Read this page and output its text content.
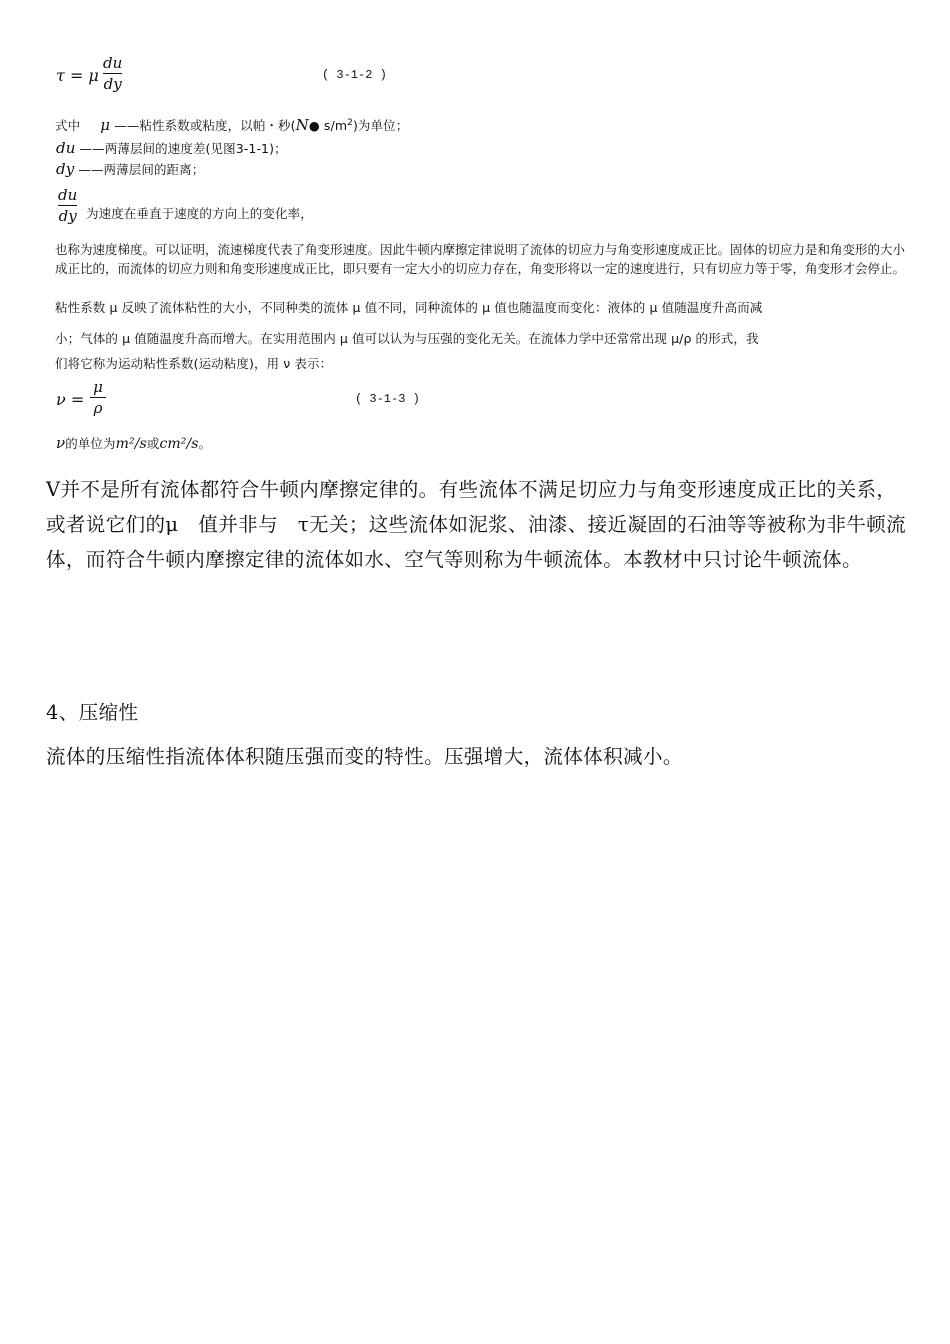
τ = μ
du
dy	( 3-1-2 )
式中 μ ——粘性系数或粘度，以帕・秒(N● $s/m^2$)为单位；
du ——两薄层间的速度差(见图3-1-1)；
dy ——两薄层间的距离；
du
dy 为速度在垂直于速度的方向上的变化率，
也称为速度梯度。可以证明，流速梯度代表了角变形速度。因此牛顿内摩擦定律说明了流体的切应力与角变形速度成正比。固体的切应力是和角变形的大小成正比的，而流体的切应力则和角变形速度成正比，即只要有一定大小的切应力存在，角变形将以一定的速度进行，只有切应力等于零，角变形才会停止。
粘性系数 μ 反映了流体粘性的大小，不同种类的流体 μ 值不同，同种流体的 μ 值也随温度而变化：液体的 μ 值随温度升高而减
小；气体的 μ 值随温度升高而增大。在实用范围内 μ 值可以认为与压强的变化无关。在流体力学中还常常出现 μ/ρ 的形式，我
们将它称为运动粘性系数(运动粘度)，用 ν 表示：
ν =
μ
ρ	( 3-1-3 )
ν的单位为m²/s或cm²/s。
V并不是所有流体都符合牛顿内摩擦定律的。有些流体不满足切应力与角变形速度成正比的关系，或者说它们的μ　值并非与　τ无关；这些流体如泥浆、油漆、接近凝固的石油等等被称为非牛顿流体，而符合牛顿内摩擦定律的流体如水、空气等则称为牛顿流体。本教材中只讨论牛顿流体。
4、压缩性
流体的压缩性指流体体积随压强而变的特性。压强增大，流体体积减小。
